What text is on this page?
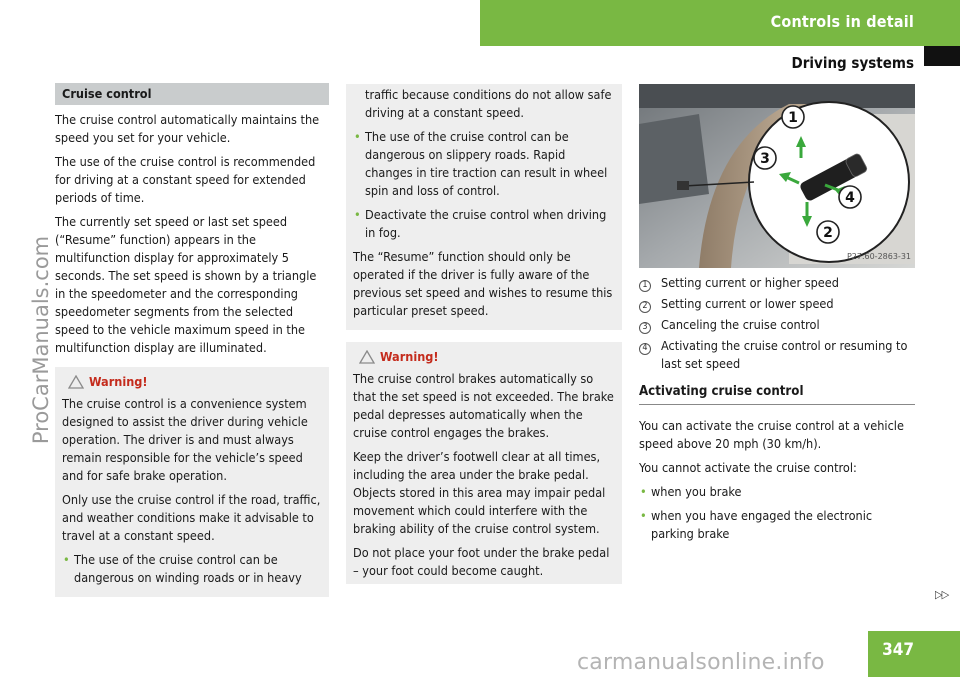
Controls in detail
Driving systems
ProCarManuals.com
Cruise control

The cruise control automatically maintains the speed you set for your vehicle.

The use of the cruise control is recommended for driving at a constant speed for extended periods of time.

The currently set speed or last set speed (“Resume” function) appears in the multifunction display for approximately 5 seconds. The set speed is shown by a triangle in the speedometer and the corresponding speedometer segments from the selected speed to the vehicle maximum speed in the multifunction display are illuminated.

Warning!

The cruise control is a convenience system designed to assist the driver during vehicle operation. The driver is and must always remain responsible for the vehicle’s speed and for safe brake operation.

Only use the cruise control if the road, traffic, and weather conditions make it advisable to travel at a constant speed.

• The use of the cruise control can be dangerous on winding roads or in heavy

traffic because conditions do not allow safe driving at a constant speed.

• The use of the cruise control can be dangerous on slippery roads. Rapid changes in tire traction can result in wheel spin and loss of control.

• Deactivate the cruise control when driving in fog.

The “Resume” function should only be operated if the driver is fully aware of the previous set speed and wishes to resume this particular preset speed.

Warning!

The cruise control brakes automatically so that the set speed is not exceeded. The brake pedal depresses automatically when the cruise control engages the brakes.

Keep the driver’s footwell clear at all times, including the area under the brake pedal. Objects stored in this area may impair pedal movement which could interfere with the braking ability of the cruise control system.

Do not place your foot under the brake pedal – your foot could become caught.

1
2
3
4
P27.60-2863-31
1	Setting current or higher speed
2	Setting current or lower speed
3	Canceling the cruise control
4	Activating the cruise control or resuming to last set speed
Activating cruise control

You can activate the cruise control at a vehicle speed above 20 mph (30 km/h).

You cannot activate the cruise control:

• when you brake

• when you have engaged the electronic parking brake

▷▷
347
carmanualsonline.info
